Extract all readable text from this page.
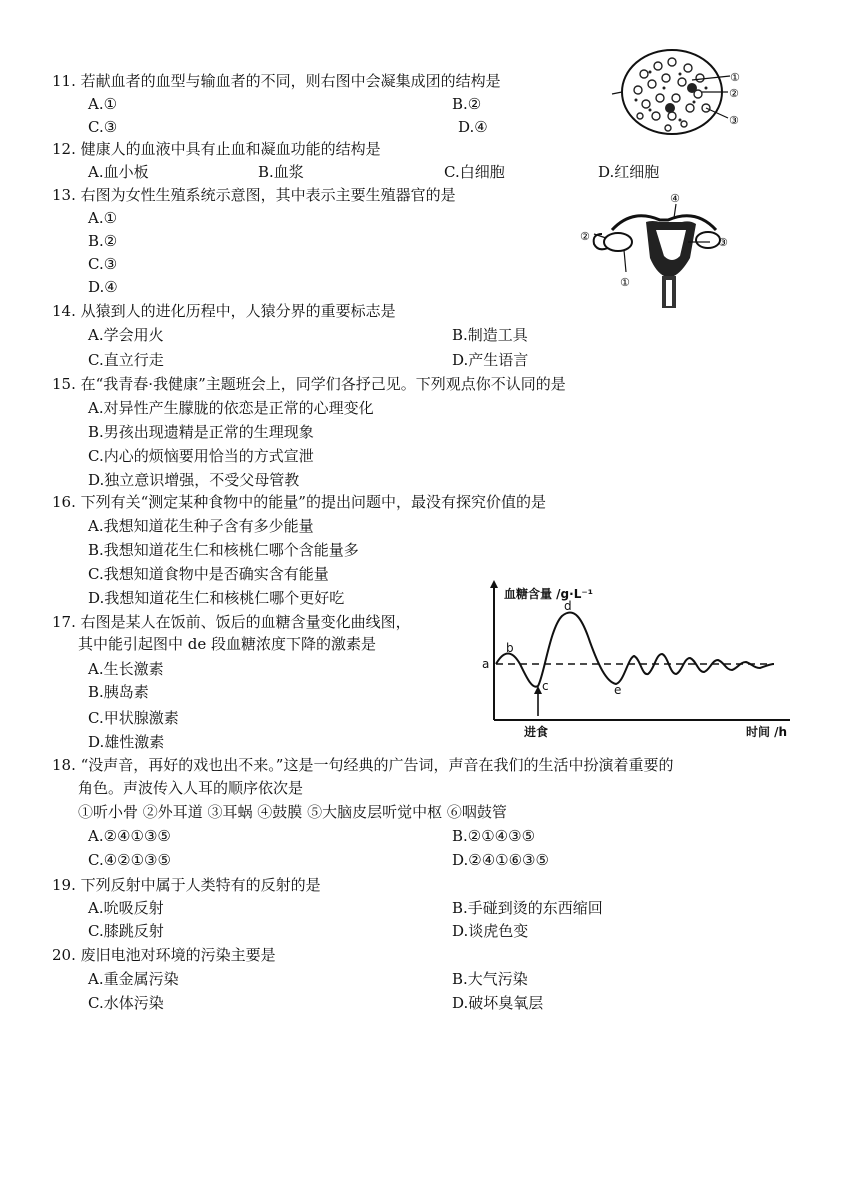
11. 若献血者的血型与输血者的不同，则右图中会凝集成团的结构是
A.①	B.②
C.③	D.④
①
②
③
12. 健康人的血液中具有止血和凝血功能的结构是
A.血小板	B.血浆	C.白细胞	D.红细胞
13. 右图为女性生殖系统示意图，其中表示主要生殖器官的是
A.①
B.②
C.③
D.④
④
②	③
①
14. 从猿到人的进化历程中，人猿分界的重要标志是
A.学会用火	B.制造工具
C.直立行走	D.产生语言
15. 在“我青春·我健康”主题班会上，同学们各抒己见。下列观点你不认同的是
A.对异性产生朦胧的依恋是正常的心理变化
B.男孩出现遗精是正常的生理现象
C.内心的烦恼要用恰当的方式宣泄
D.独立意识增强，不受父母管教
16. 下列有关“测定某种食物中的能量”的提出问题中，最没有探究价值的是
A.我想知道花生种子含有多少能量
B.我想知道花生仁和核桃仁哪个含能量多
C.我想知道食物中是否确实含有能量
D.我想知道花生仁和核桃仁哪个更好吃
17. 右图是某人在饭前、饭后的血糖含量变化曲线图，
其中能引起图中 de 段血糖浓度下降的激素是
A.生长激素
B.胰岛素
C.甲状腺激素
D.雄性激素
血糖含量 /g·L⁻¹
时间 /h
进食
a
b
c
d
e
18. “没声音，再好的戏也出不来。”这是一句经典的广告词，声音在我们的生活中扮演着重要的
角色。声波传入人耳的顺序依次是
①听小骨 ②外耳道 ③耳蜗 ④鼓膜 ⑤大脑皮层听觉中枢 ⑥咽鼓管
A.②④①③⑤	B.②①④③⑤
C.④②①③⑤	D.②④①⑥③⑤
19. 下列反射中属于人类特有的反射的是
A.吮吸反射	B.手碰到烫的东西缩回
C.膝跳反射	D.谈虎色变
20. 废旧电池对环境的污染主要是
A.重金属污染	B.大气污染
C.水体污染	D.破坏臭氧层
